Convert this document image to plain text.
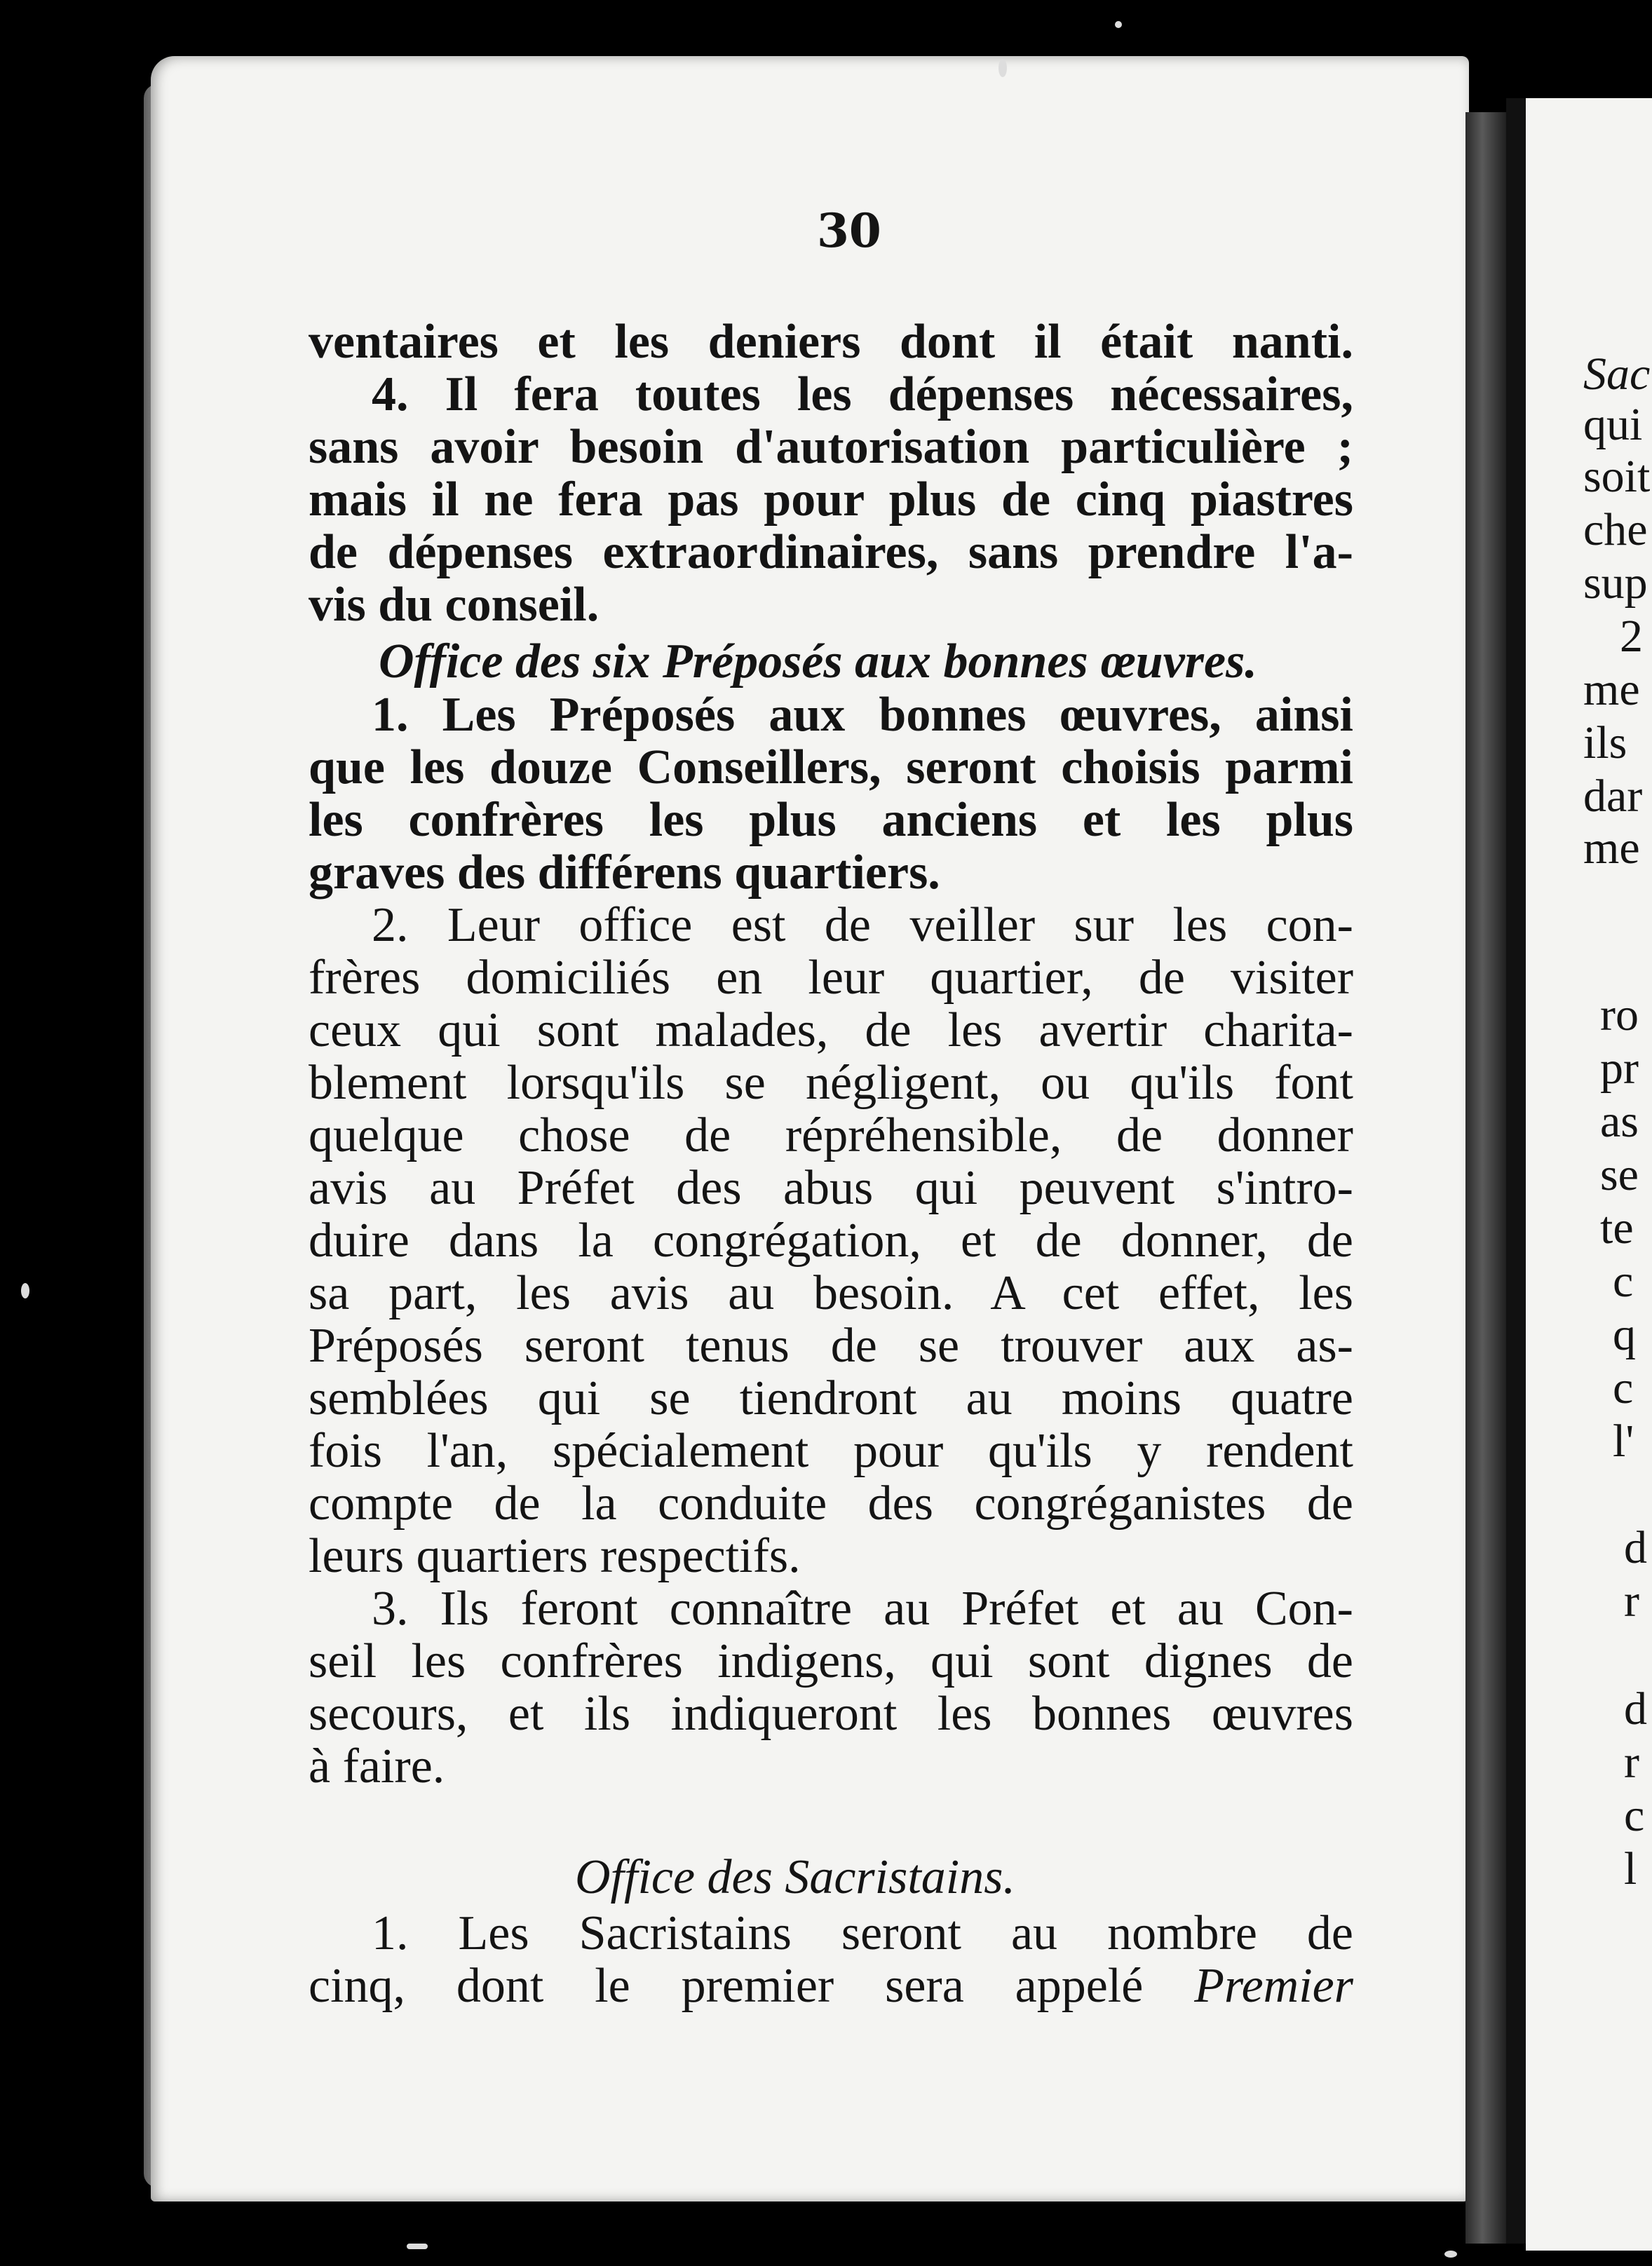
30
ventaires et les deniers dont il était nanti.
4. Il fera toutes les dépenses nécessaires,
sans avoir besoin d'autorisation particulière ;
mais il ne fera pas pour plus de cinq piastres
de dépenses extraordinaires, sans prendre l'a-
vis du conseil.
Office des six Préposés aux bonnes œuvres.
1. Les Préposés aux bonnes œuvres, ainsi
que les douze Conseillers, seront choisis parmi
les confrères les plus anciens et les plus
graves des différens quartiers.
2. Leur office est de veiller sur les con-
frères domiciliés en leur quartier, de visiter
ceux qui sont malades, de les avertir charita-
blement lorsqu'ils se négligent, ou qu'ils font
quelque chose de répréhensible, de donner
avis au Préfet des abus qui peuvent s'intro-
duire dans la congrégation, et de donner, de
sa part, les avis au besoin. A cet effet, les
Préposés seront tenus de se trouver aux as-
semblées qui se tiendront au moins quatre
fois l'an, spécialement pour qu'ils y rendent
compte de la conduite des congréganistes de
leurs quartiers respectifs.
3. Ils feront connaître au Préfet et au Con-
seil les confrères indigens, qui sont dignes de
secours, et ils indiqueront les bonnes œuvres
à faire.
Office des Sacristains.
1. Les Sacristains seront au nombre de
cinq, dont le premier sera appelé Premier
Sac
qui
soit
che
sup
2
me
ils
dar
me
ro
pr
as
se
te
c
q
c
l'
d
r
d
r
c
l
